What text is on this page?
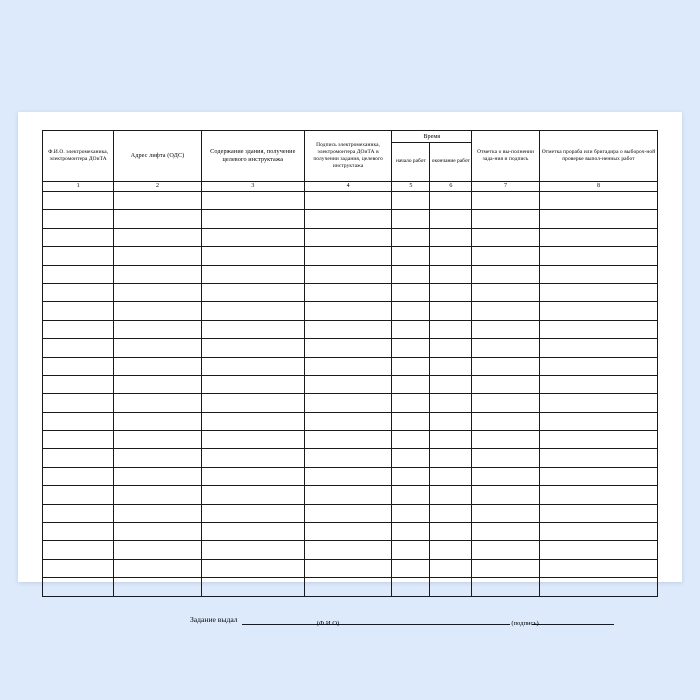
Ф.И.О. электромеханика, электромонтера ДОиТА	Адрес лифта (ОДС)	Содержание здания, получение целевого инструктажа	Подпись электромеханика, электромонтера ДОиТА в получении задания, целевого инструктажа	Время		Отметка о вы-полнении зада-ния и подпись	Отметка прораба или бригадира о выбороч-ной проверке выпол-ненных работ
				начало работ	окончание работ		
1	2	3	4	5	6	7	8

Задание выдал	(Ф И О)	(подпись)
